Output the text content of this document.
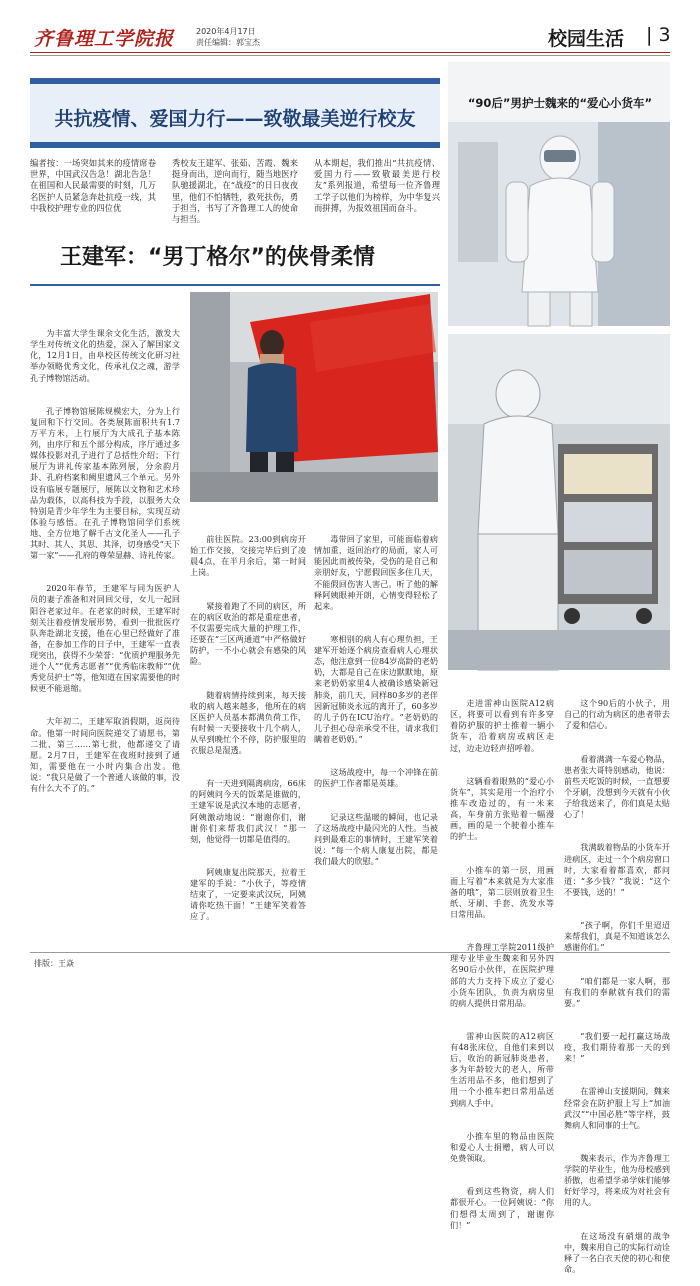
齐鲁理工学院报	2020年4月17日
责任编辑：郭宝杰	校园生活 | 3
共抗疫情、爱国力行——致敬最美逆行校友
编者按：一场突如其来的疫情席卷世界，中国武汉告急！湖北告急！在祖国和人民最需要的时刻，几万名医护人员紧急奔赴抗疫一线，其中我校护理专业的四位优
秀校友王建军、张茹、苦霞、魏来挺身而出，逆向而行，随当地医疗队驰援湖北，在“战疫”的日日夜夜里，他们不怕牺牲，救死扶伤，勇于担当，书写了齐鲁理工人的使命与担当。
从本期起，我们推出“共抗疫情、爱国力行——致敬最美逆行校友”系列报道，希望每一位齐鲁理工学子以他们为榜样，为中华复兴而拼搏，为报效祖国而奋斗。
“90后”男护士魏来的“爱心小货车”
王建军：“男丁格尔”的侠骨柔情

为丰富大学生课余文化生活，激发大学生对传统文化的热爱，深入了解国家文化，12月1日，由阜校区传统文化研习社举办领略优秀文化，传承礼仪之魂，游学孔子博物馆活动。

孔子博物馆展陈规模宏大，分为上行复回和下行交回。各类展陈面积共有1.7万平方米，上行展厅为大成孔子基本陈列，由序厅和五个部分构成，序厅通过多媒体投影对孔子进行了总括性介绍；下行展厅为讲礼传家基本陈列展，分余韵月卦、孔府档案和阙里遗风三个单元。另外设有临展专题展厅，展陈以文物和艺术珍品为载体，以高科技为手段，以服务大众特别是青少年学生为主要目标，实现互动体验与感悟。在孔子博物馆同学们系统地、全方位地了解千古文化圣人——孔子其时、其人、其思、其泽，切身感受“天下第一家”——孔府的尊荣显赫、诗礼传家。

2020年春节，王建军与同为医护人员的妻子准备和对同回父母，女儿一起回阳谷老家过年。在老家的时候，王建军时刻关注着疫情发展形势，看到一批批医疗队奔赴湖北支援，他在心里已经做好了准备，在参加工作的日子中，王建军一直表现突出，获得不少荣誉：“优质护理服务先进个人”“优秀志愿者”“优秀临床教师”“优秀党员护士”等，他知道在国家需要他的时候更不能退缩。

大年初二，王建军取消假期，返岗待命。他第一时间向医院递交了请愿书，第二批、第三……第七批，他都递交了请愿。2月7日，王建军在夜班时接到了通知，需要他在一小时内集合出发。他说：“我只是做了一个普通人该做的事，没有什么大不了的。”

前往医院。23:00到病房开始工作交接，交接完毕后到了凌晨4点，在半月余后，第一时间上岗。

紧接着跑了不同的病区，所在的病区收治的都是重症患者，不仅需要完成大量的护理工作，还要在“三区两通道”中严格做好防护，一不小心就会有感染的风险。

随着病情持续到来，每天接收的病人越来越多，他所在的病区医护人员基本都满负荷工作，有时候一天要接收十几个病人，从早到晚忙个不停，防护服里的衣服总是湿透。

有一天进到隔离病房，66床的阿姨问今天的饭菜是谁做的，王建军说是武汉本地的志愿者，阿姨激动地说：“谢谢你们，谢谢你们来帮我们武汉！”那一刻，他觉得一切都是值得的。

阿姨康复出院那天，拉着王建军的手说：“小伙子，等疫情结束了，一定要来武汉玩，阿姨请你吃热干面！”王建军笑着答应了。

毒带回了家里，可能面临着病情加重，返回治疗的局面，家人可能因此而被传染，受伤的是自己和亲朋好友，宁愿假回医多住几天，不能假回伤害人害己。听了他的解释阿姨眼神开朗，心情变得轻松了起来。

寒相别的病人有心理负担，王建军开始逐个病房查看病人心理状态，他注意到一位84岁高龄的老奶奶，大都是自己在床边默默地，原来老奶奶家里4人被确诊感染新冠肺炎，前几天，同样80多岁的老伴因新冠肺炎永远的离开了，60多岁的儿子仍在ICU治疗。“老奶奶的儿子担心母亲承受不住，请求我们瞒着老奶奶。”

这场战疫中，每一个冲锋在前的医护工作者都是英雄。

记录这些温暖的瞬间，也记录了这场战疫中最闪光的人性。当被问到最难忘的事情时，王建军笑着说：“每一个病人康复出院，都是我们最大的欣慰。”

走进雷神山医院A12病区，将要可以看到有许多穿着防护服的护士推着一辆小货车，沿着病房或病区走过，边走边轻声招呼着。

这辆看着眼熟的“爱心小货车”，其实是用一个治疗小推车改造过的，有一米来高，车身前方张贴着一幅漫画，画的是一个驶着小推车的护士。

小推车的第一层，用画面上写着“本来就是为大家准备的哦”，第二层则放着卫生纸、牙刷、手套、洗发水等日常用品。

齐鲁理工学院2011级护理专业毕业生魏来和另外四名90后小伙伴，在医院护理部的大力支持下成立了爱心小货车团队，负责为病房里的病人提供日常用品。

雷神山医院的A12病区有48张床位，自他们来到以后，收治的新冠肺炎患者，多为年龄较大的老人，所带生活用品不多，他们想到了用一个小推车把日常用品送到病人手中。

小推车里的物品由医院和爱心人士捐赠，病人可以免费领取。

看到这些物资，病人们都很开心。一位阿姨说：“你们想得太周到了，谢谢你们！”

这个90后的小伙子，用自己的行动为病区的患者带去了爱和信心。

看着满满一车爱心物品，患者张大哥特别感动，他说：前些天吃饭的时候，一直想要个牙刷，没想到今天就有小伙子给我送来了，你们真是太贴心了！

我满载着物品的小货车开进病区，走过一个个病房窗口时，大家看着都喜欢，都问道：“多少钱？”我说：“这个不要钱，送的！”

“孩子啊，你们千里迢迢来帮我们，真是不知道该怎么感谢你们。”

“咱们都是一家人啊，那有我们的奉献就有我们的需要。”

“我们要一起打赢这场战疫，我们期待着那一天的到来！”

在雷神山支援期间，魏来经常会在防护服上写上“加油武汉”“中国必胜”等字样，鼓舞病人和同事的士气。

魏来表示，作为齐鲁理工学院的毕业生，他为母校感到骄傲，也希望学弟学妹们能够好好学习，将来成为对社会有用的人。

在这场没有硝烟的战争中，魏来用自己的实际行动诠释了一名白衣天使的初心和使命。

排版：王焱
